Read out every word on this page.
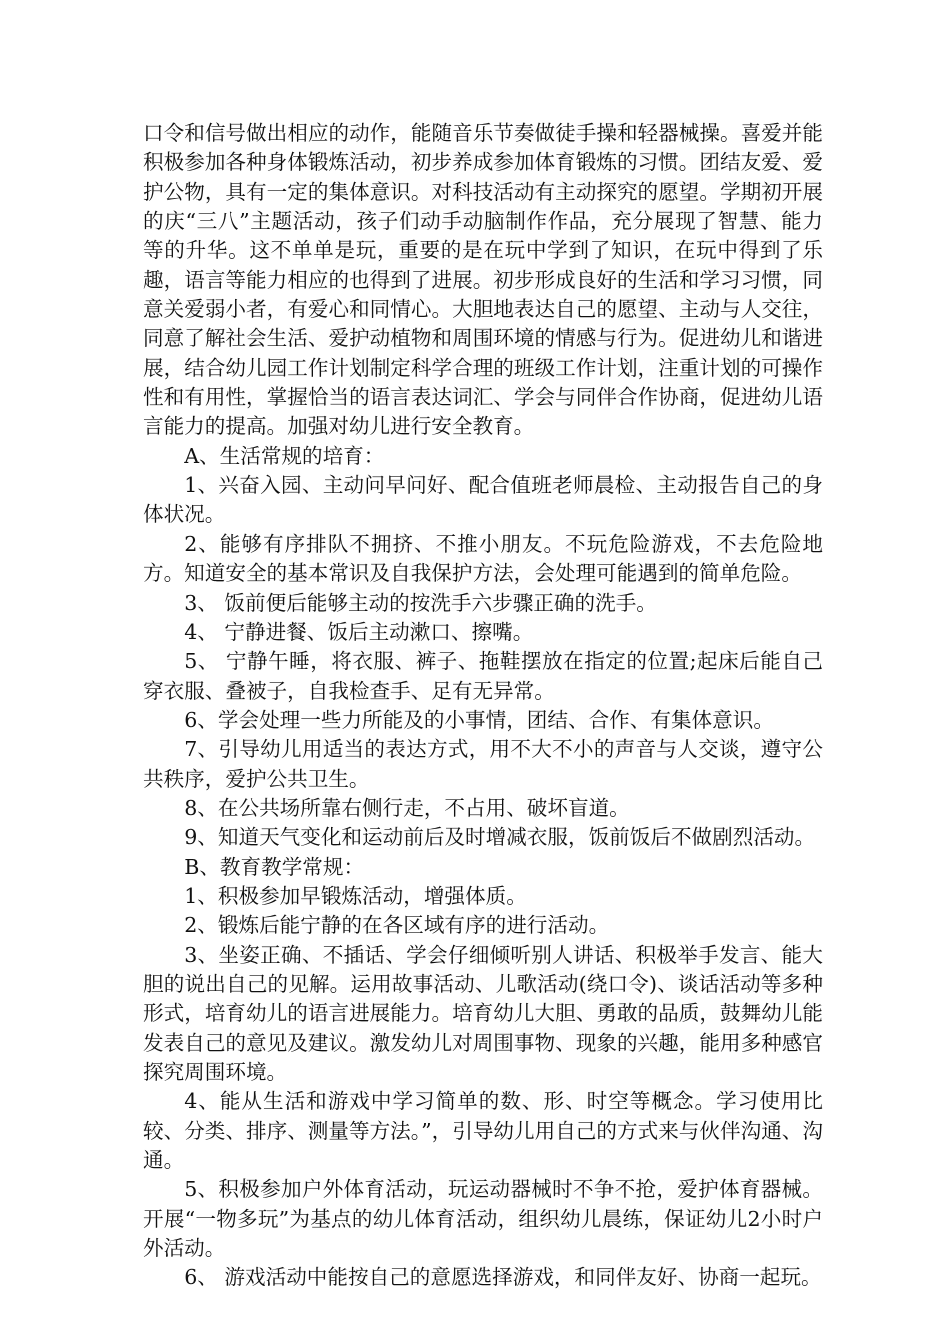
口令和信号做出相应的动作，能随音乐节奏做徒手操和轻器械操。喜爱并能积极参加各种身体锻炼活动，初步养成参加体育锻炼的习惯。团结友爱、爱护公物，具有一定的集体意识。对科技活动有主动探究的愿望。学期初开展的庆“三八”主题活动，孩子们动手动脑制作作品，充分展现了智慧、能力等的升华。这不单单是玩，重要的是在玩中学到了知识，在玩中得到了乐趣，语言等能力相应的也得到了进展。初步形成良好的生活和学习习惯，同意关爱弱小者，有爱心和同情心。大胆地表达自己的愿望、主动与人交往，同意了解社会生活、爱护动植物和周围环境的情感与行为。促进幼儿和谐进展，结合幼儿园工作计划制定科学合理的班级工作计划，注重计划的可操作性和有用性，掌握恰当的语言表达词汇、学会与同伴合作协商，促进幼儿语言能力的提高。加强对幼儿进行安全教育。

A、生活常规的培育：

1、兴奋入园、主动问早问好、配合值班老师晨检、主动报告自己的身体状况。

2、能够有序排队不拥挤、不推小朋友。不玩危险游戏，不去危险地方。知道安全的基本常识及自我保护方法，会处理可能遇到的简单危险。

3、 饭前便后能够主动的按洗手六步骤正确的洗手。

4、 宁静进餐、饭后主动漱口、擦嘴。

5、 宁静午睡，将衣服、裤子、拖鞋摆放在指定的位置;起床后能自己穿衣服、叠被子，自我检查手、足有无异常。

6、学会处理一些力所能及的小事情，团结、合作、有集体意识。

7、引导幼儿用适当的表达方式，用不大不小的声音与人交谈，遵守公共秩序，爱护公共卫生。

8、在公共场所靠右侧行走，不占用、破坏盲道。

9、知道天气变化和运动前后及时增减衣服，饭前饭后不做剧烈活动。

B、教育教学常规：

1、积极参加早锻炼活动，增强体质。

2、锻炼后能宁静的在各区域有序的进行活动。

3、坐姿正确、不插话、学会仔细倾听别人讲话、积极举手发言、能大胆的说出自己的见解。运用故事活动、儿歌活动(绕口令)、谈话活动等多种形式，培育幼儿的语言进展能力。培育幼儿大胆、勇敢的品质，鼓舞幼儿能发表自己的意见及建议。激发幼儿对周围事物、现象的兴趣，能用多种感官探究周围环境。

4、能从生活和游戏中学习简单的数、形、时空等概念。学习使用比较、分类、排序、测量等方法。”，引导幼儿用自己的方式来与伙伴沟通、沟通。

5、积极参加户外体育活动，玩运动器械时不争不抢，爱护体育器械。开展“一物多玩”为基点的幼儿体育活动，组织幼儿晨练，保证幼儿2小时户外活动。

6、 游戏活动中能按自己的意愿选择游戏，和同伴友好、协商一起玩。
